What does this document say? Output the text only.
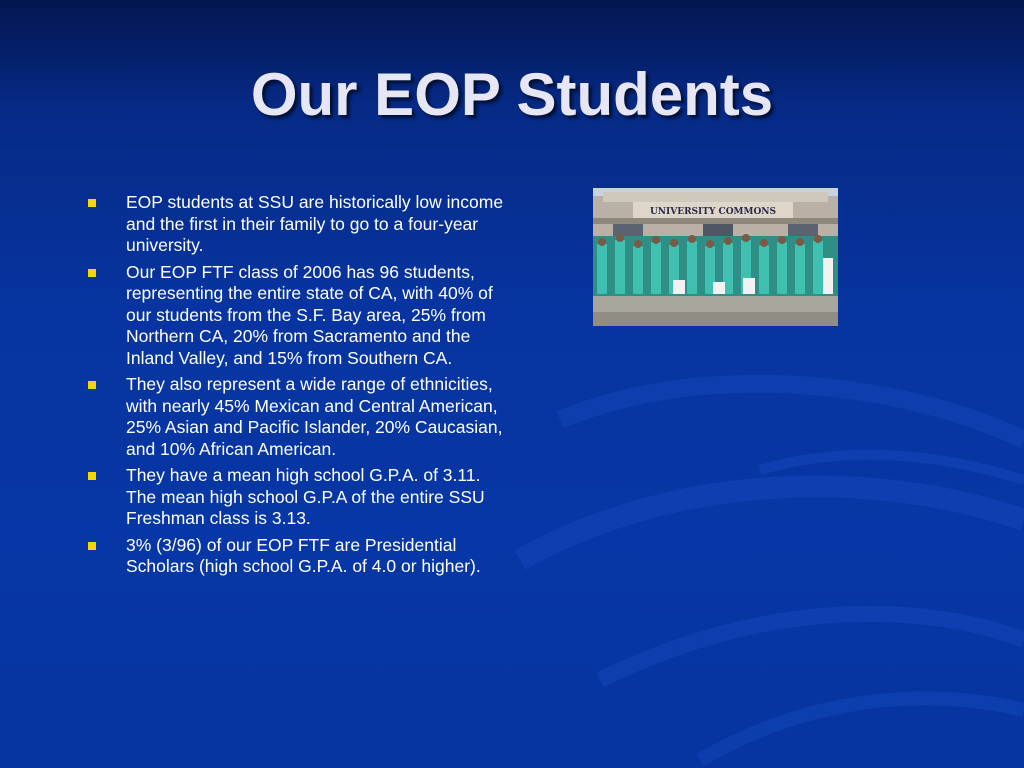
Our EOP Students
EOP students at SSU are historically low income and the first in their family to go to a four-year university.
Our EOP FTF class of 2006 has 96 students, representing the entire state of CA, with 40% of our students from the S.F. Bay area, 25% from Northern CA, 20% from Sacramento and the Inland Valley, and 15% from Southern CA.
They also represent a wide range of ethnicities, with nearly 45% Mexican and Central American, 25% Asian and Pacific Islander, 20% Caucasian, and 10% African American.
They have a mean high school G.P.A. of 3.11. The mean high school G.P.A of the entire SSU Freshman class is 3.13.
3% (3/96) of our EOP FTF are Presidential Scholars (high school G.P.A. of 4.0 or higher).
UNIVERSITY COMMONS
